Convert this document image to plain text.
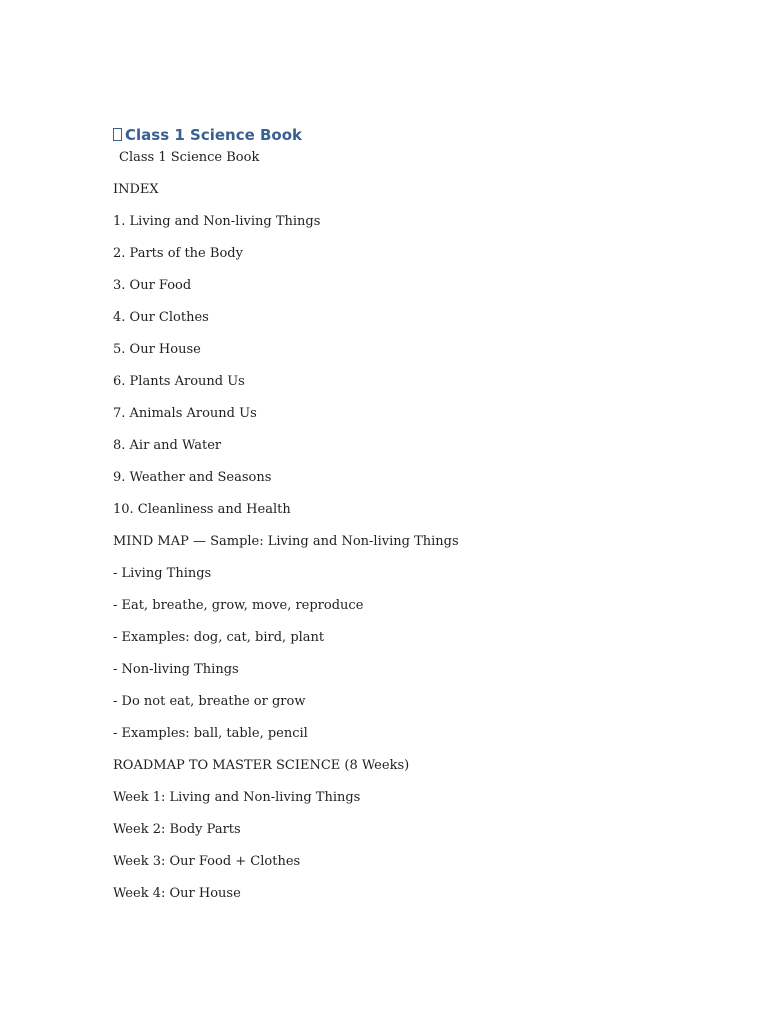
Class 1 Science Book
Class 1 Science Book
INDEX
1. Living and Non-living Things
2. Parts of the Body
3. Our Food
4. Our Clothes
5. Our House
6. Plants Around Us
7. Animals Around Us
8. Air and Water
9. Weather and Seasons
10. Cleanliness and Health
MIND MAP — Sample: Living and Non-living Things
- Living Things
- Eat, breathe, grow, move, reproduce
- Examples: dog, cat, bird, plant
- Non-living Things
- Do not eat, breathe or grow
- Examples: ball, table, pencil
ROADMAP TO MASTER SCIENCE (8 Weeks)
Week 1: Living and Non-living Things
Week 2: Body Parts
Week 3: Our Food + Clothes
Week 4: Our House
